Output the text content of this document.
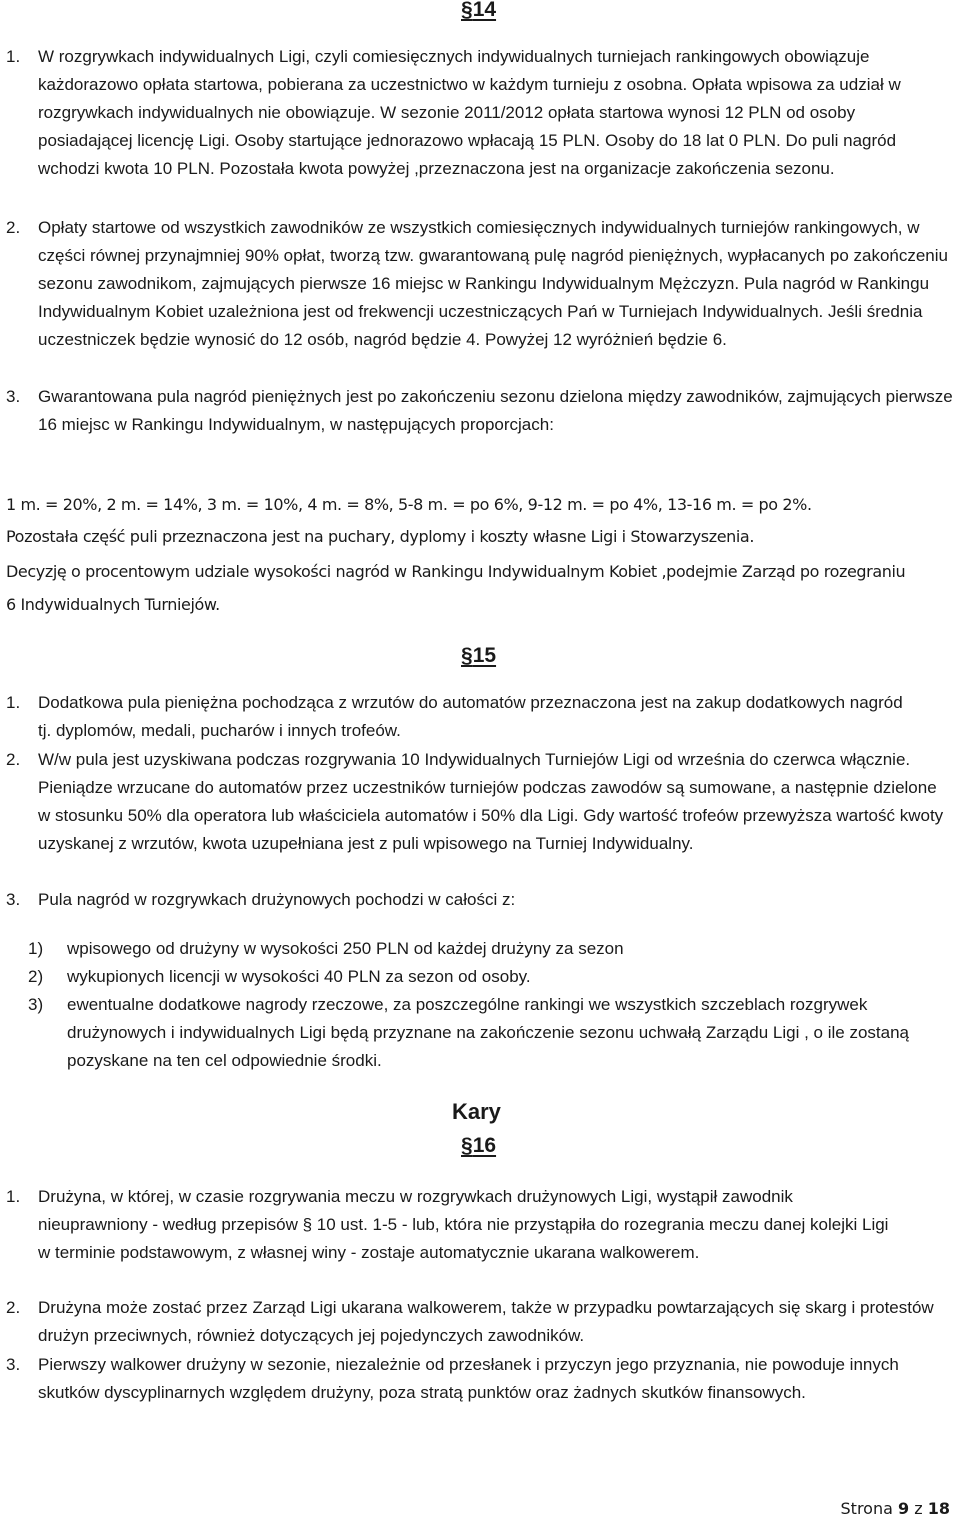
§14
1. W rozgrywkach indywidualnych Ligi, czyli comiesięcznych indywidualnych turniejach rankingowych obowiązuje każdorazowo opłata startowa, pobierana za uczestnictwo w każdym turnieju z osobna. Opłata wpisowa za udział w rozgrywkach indywidualnych nie obowiązuje. W sezonie 2011/2012 opłata startowa wynosi 12 PLN od osoby posiadającej licencję Ligi. Osoby startujące jednorazowo wpłacają 15 PLN. Osoby do 18 lat 0 PLN. Do puli nagród wchodzi kwota 10 PLN. Pozostała kwota powyżej ,przeznaczona jest na organizacje zakończenia sezonu.
2. Opłaty startowe od wszystkich zawodników ze wszystkich comiesięcznych indywidualnych turniejów rankingowych, w części równej przynajmniej 90% opłat, tworzą tzw. gwarantowaną pulę nagród pieniężnych, wypłacanych po zakończeniu sezonu zawodnikom, zajmujących pierwsze 16 miejsc w Rankingu Indywidualnym Mężczyzn. Pula nagród w Rankingu Indywidualnym Kobiet uzależniona jest od frekwencji uczestniczących Pań w Turniejach Indywidualnych. Jeśli średnia uczestniczek będzie wynosić do 12 osób, nagród będzie 4. Powyżej 12 wyróżnień będzie 6.
3. Gwarantowana pula nagród pieniężnych jest po zakończeniu sezonu dzielona między zawodników, zajmujących pierwsze 16 miejsc w Rankingu Indywidualnym, w następujących proporcjach:
1 m. = 20%, 2 m. = 14%, 3 m. = 10%, 4 m. = 8%, 5-8 m. = po 6%, 9-12 m. = po 4%, 13-16 m. = po 2%.
Pozostała część puli przeznaczona jest na puchary, dyplomy i koszty własne Ligi i Stowarzyszenia.
Decyzję o procentowym udziale wysokości nagród w Rankingu Indywidualnym Kobiet ,podejmie Zarząd po rozegraniu 6 Indywidualnych Turniejów.
§15
1. Dodatkowa pula pieniężna pochodząca z wrzutów do automatów przeznaczona jest na zakup dodatkowych nagród tj. dyplomów, medali, pucharów i innych trofeów.
2. W/w pula jest uzyskiwana podczas rozgrywania 10 Indywidualnych Turniejów Ligi od września do czerwca włącznie. Pieniądze wrzucane do automatów przez uczestników turniejów podczas zawodów są sumowane, a następnie dzielone w stosunku 50% dla operatora lub właściciela automatów i 50% dla Ligi. Gdy wartość trofeów przewyższa wartość kwoty uzyskanej z wrzutów, kwota uzupełniana jest z puli wpisowego na Turniej Indywidualny.
3. Pula nagród w rozgrywkach drużynowych pochodzi w całości z:
1) wpisowego od drużyny w wysokości 250 PLN od każdej drużyny za sezon
2) wykupionych licencji w wysokości 40 PLN za sezon od osoby.
3) ewentualne dodatkowe nagrody rzeczowe, za poszczególne rankingi we wszystkich szczeblach rozgrywek drużynowych i indywidualnych Ligi będą przyznane na zakończenie sezonu uchwałą Zarządu Ligi , o ile zostaną pozyskane na ten cel odpowiednie środki.
Kary
§16
1. Drużyna, w której, w czasie rozgrywania meczu w rozgrywkach drużynowych Ligi, wystąpił zawodnik nieuprawniony - według przepisów § 10 ust. 1-5 - lub, która nie przystąpiła do rozegrania meczu danej kolejki Ligi w terminie podstawowym, z własnej winy - zostaje automatycznie ukarana walkowerem.
2. Drużyna może zostać przez Zarząd Ligi ukarana walkowerem, także w przypadku powtarzających się skarg i protestów drużyn przeciwnych, również dotyczących jej pojedynczych zawodników.
3. Pierwszy walkower drużyny w sezonie, niezależnie od przesłanek i przyczyn jego przyznania, nie powoduje innych skutków dyscyplinarnych względem drużyny, poza stratą punktów oraz żadnych skutków finansowych.
Strona 9 z 18
